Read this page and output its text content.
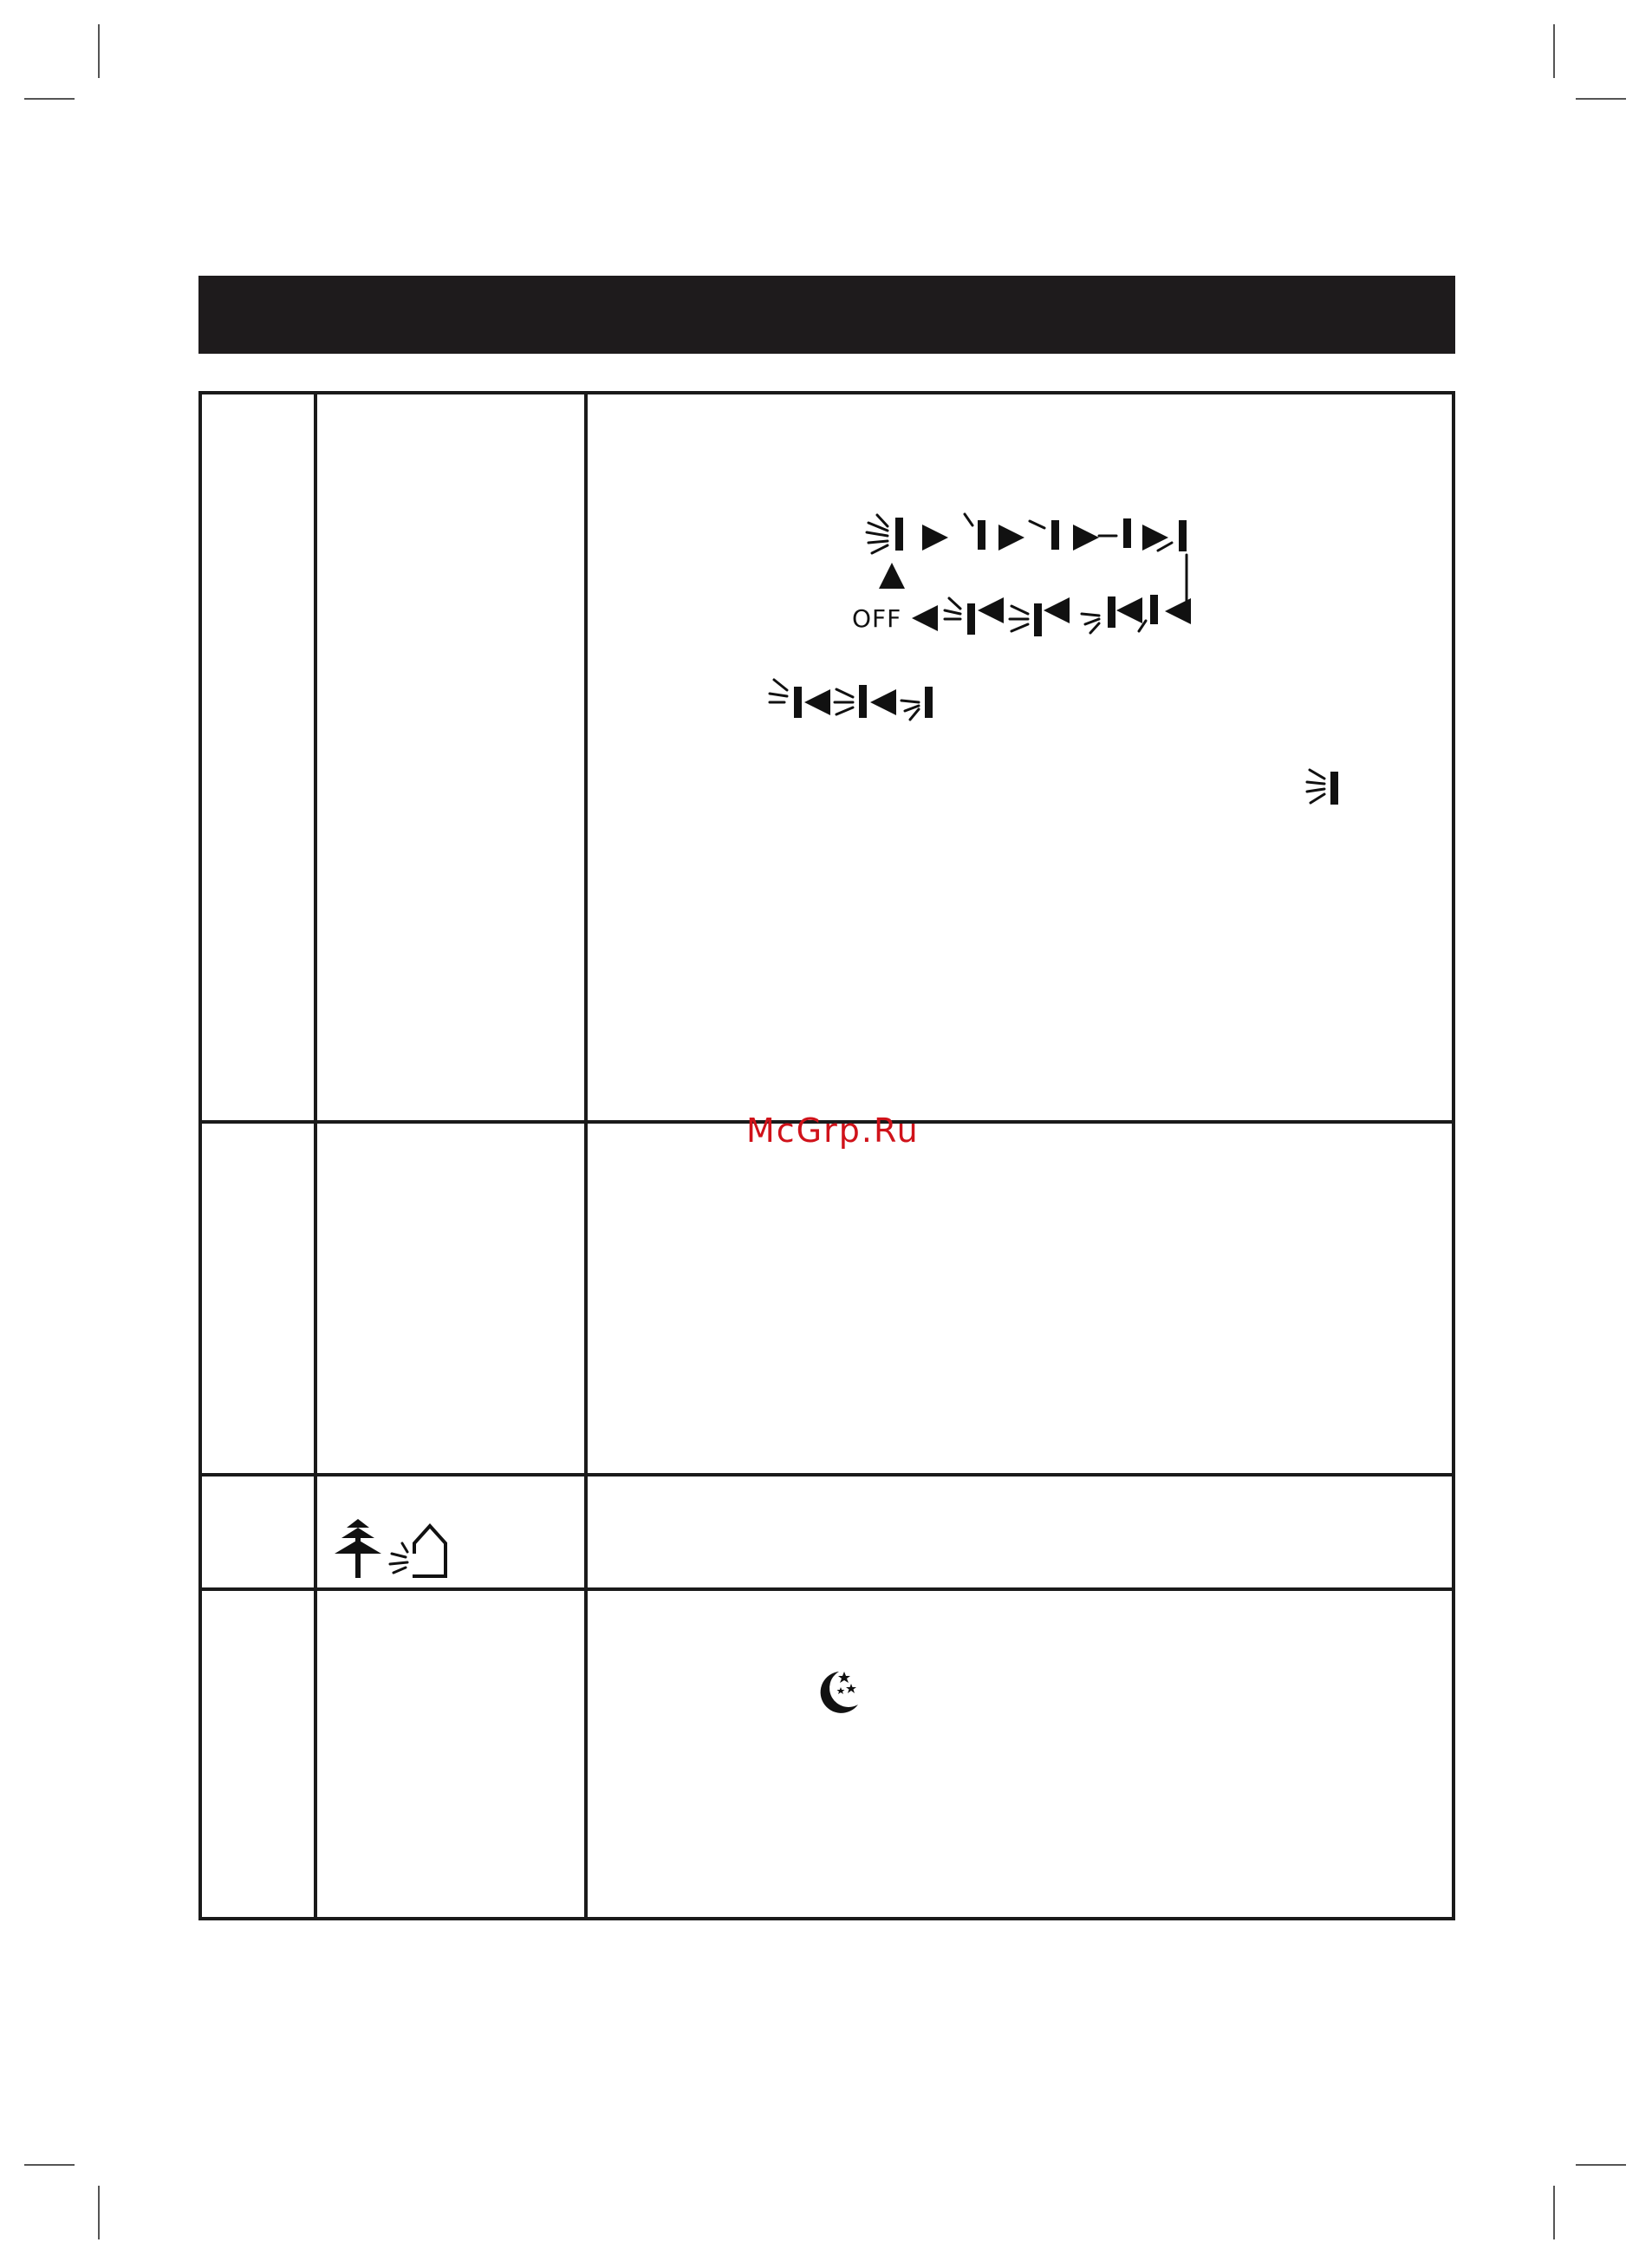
OFF
McGrp.Ru
